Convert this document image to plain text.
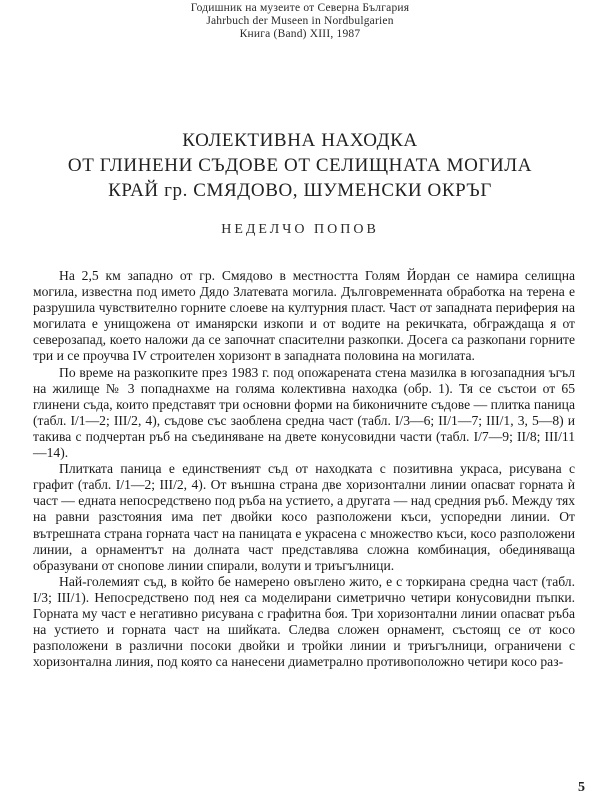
Годишник на музеите от Северна България
Jahrbuch der Museen in Nordbulgarien
Книга (Band) XIII, 1987
КОЛЕКТИВНА НАХОДКА
ОТ ГЛИНЕНИ СЪДОВЕ ОТ СЕЛИЩНАТА МОГИЛА
КРАЙ гр. СМЯДОВО, ШУМЕНСКИ ОКРЪГ
НЕДЕЛЧО ПОПОВ

На 2,5 км западно от гр. Смядово в местността Голям Йордан се намира селищна могила, известна под името Дядо Златевата могила. Дълговременната обработка на терена е разрушила чувствително горните слоеве на културния пласт. Част от западната периферия на могилата е унищожена от иманярски изкопи и от водите на рекичката, обграждаща я от северозапад, което наложи да се започнат спасителни разкопки. Досега са разкопани горните три и се проучва IV строителен хоризонт в западната половина на могилата.

По време на разкопките през 1983 г. под опожарената стена мазилка в югозападния ъгъл на жилище № 3 попаднахме на голяма колективна находка (обр. 1). Тя се състои от 65 глинени съда, които представят три основни форми на биконичните съдове — плитка паница (табл. I/1—2; III/2, 4), съдове със заоблена средна част (табл. I/3—6; II/1—7; III/1, 3, 5—8) и такива с подчертан ръб на съединяване на двете конусовидни части (табл. I/7—9; II/8; III/11—14).

Плитката паница е единственият съд от находката с позитивна украса, рисувана с графит (табл. I/1—2; III/2, 4). От външна страна две хоризонтални линии опасват горната ѝ част — едната непосредствено под ръба на устието, а другата — над средния ръб. Между тях на равни разстояния има пет двойки косо разположени къси, успоредни линии. От вътрешната страна горната част на паницата е украсена с множество къси, косо разположени линии, а орнаментът на долната част представлява сложна комбинация, обединяваща образувани от снопове линии спирали, волути и триъгълници.

Най-големият съд, в който бе намерено овъглено жито, е с торкирана средна част (табл. I/3; III/1). Непосредствено под нея са моделирани симетрично четири конусовидни пъпки. Горната му част е негативно рисувана с графитна боя. Три хоризонтални линии опасват ръба на устието и горната част на шийката. Следва сложен орнамент, състоящ се от косо разположени в различни посоки двойки и тройки линии и триъгълници, ограничени с хоризонтална линия, под която са нанесени диаметрално противоположно четири косо раз-

5
